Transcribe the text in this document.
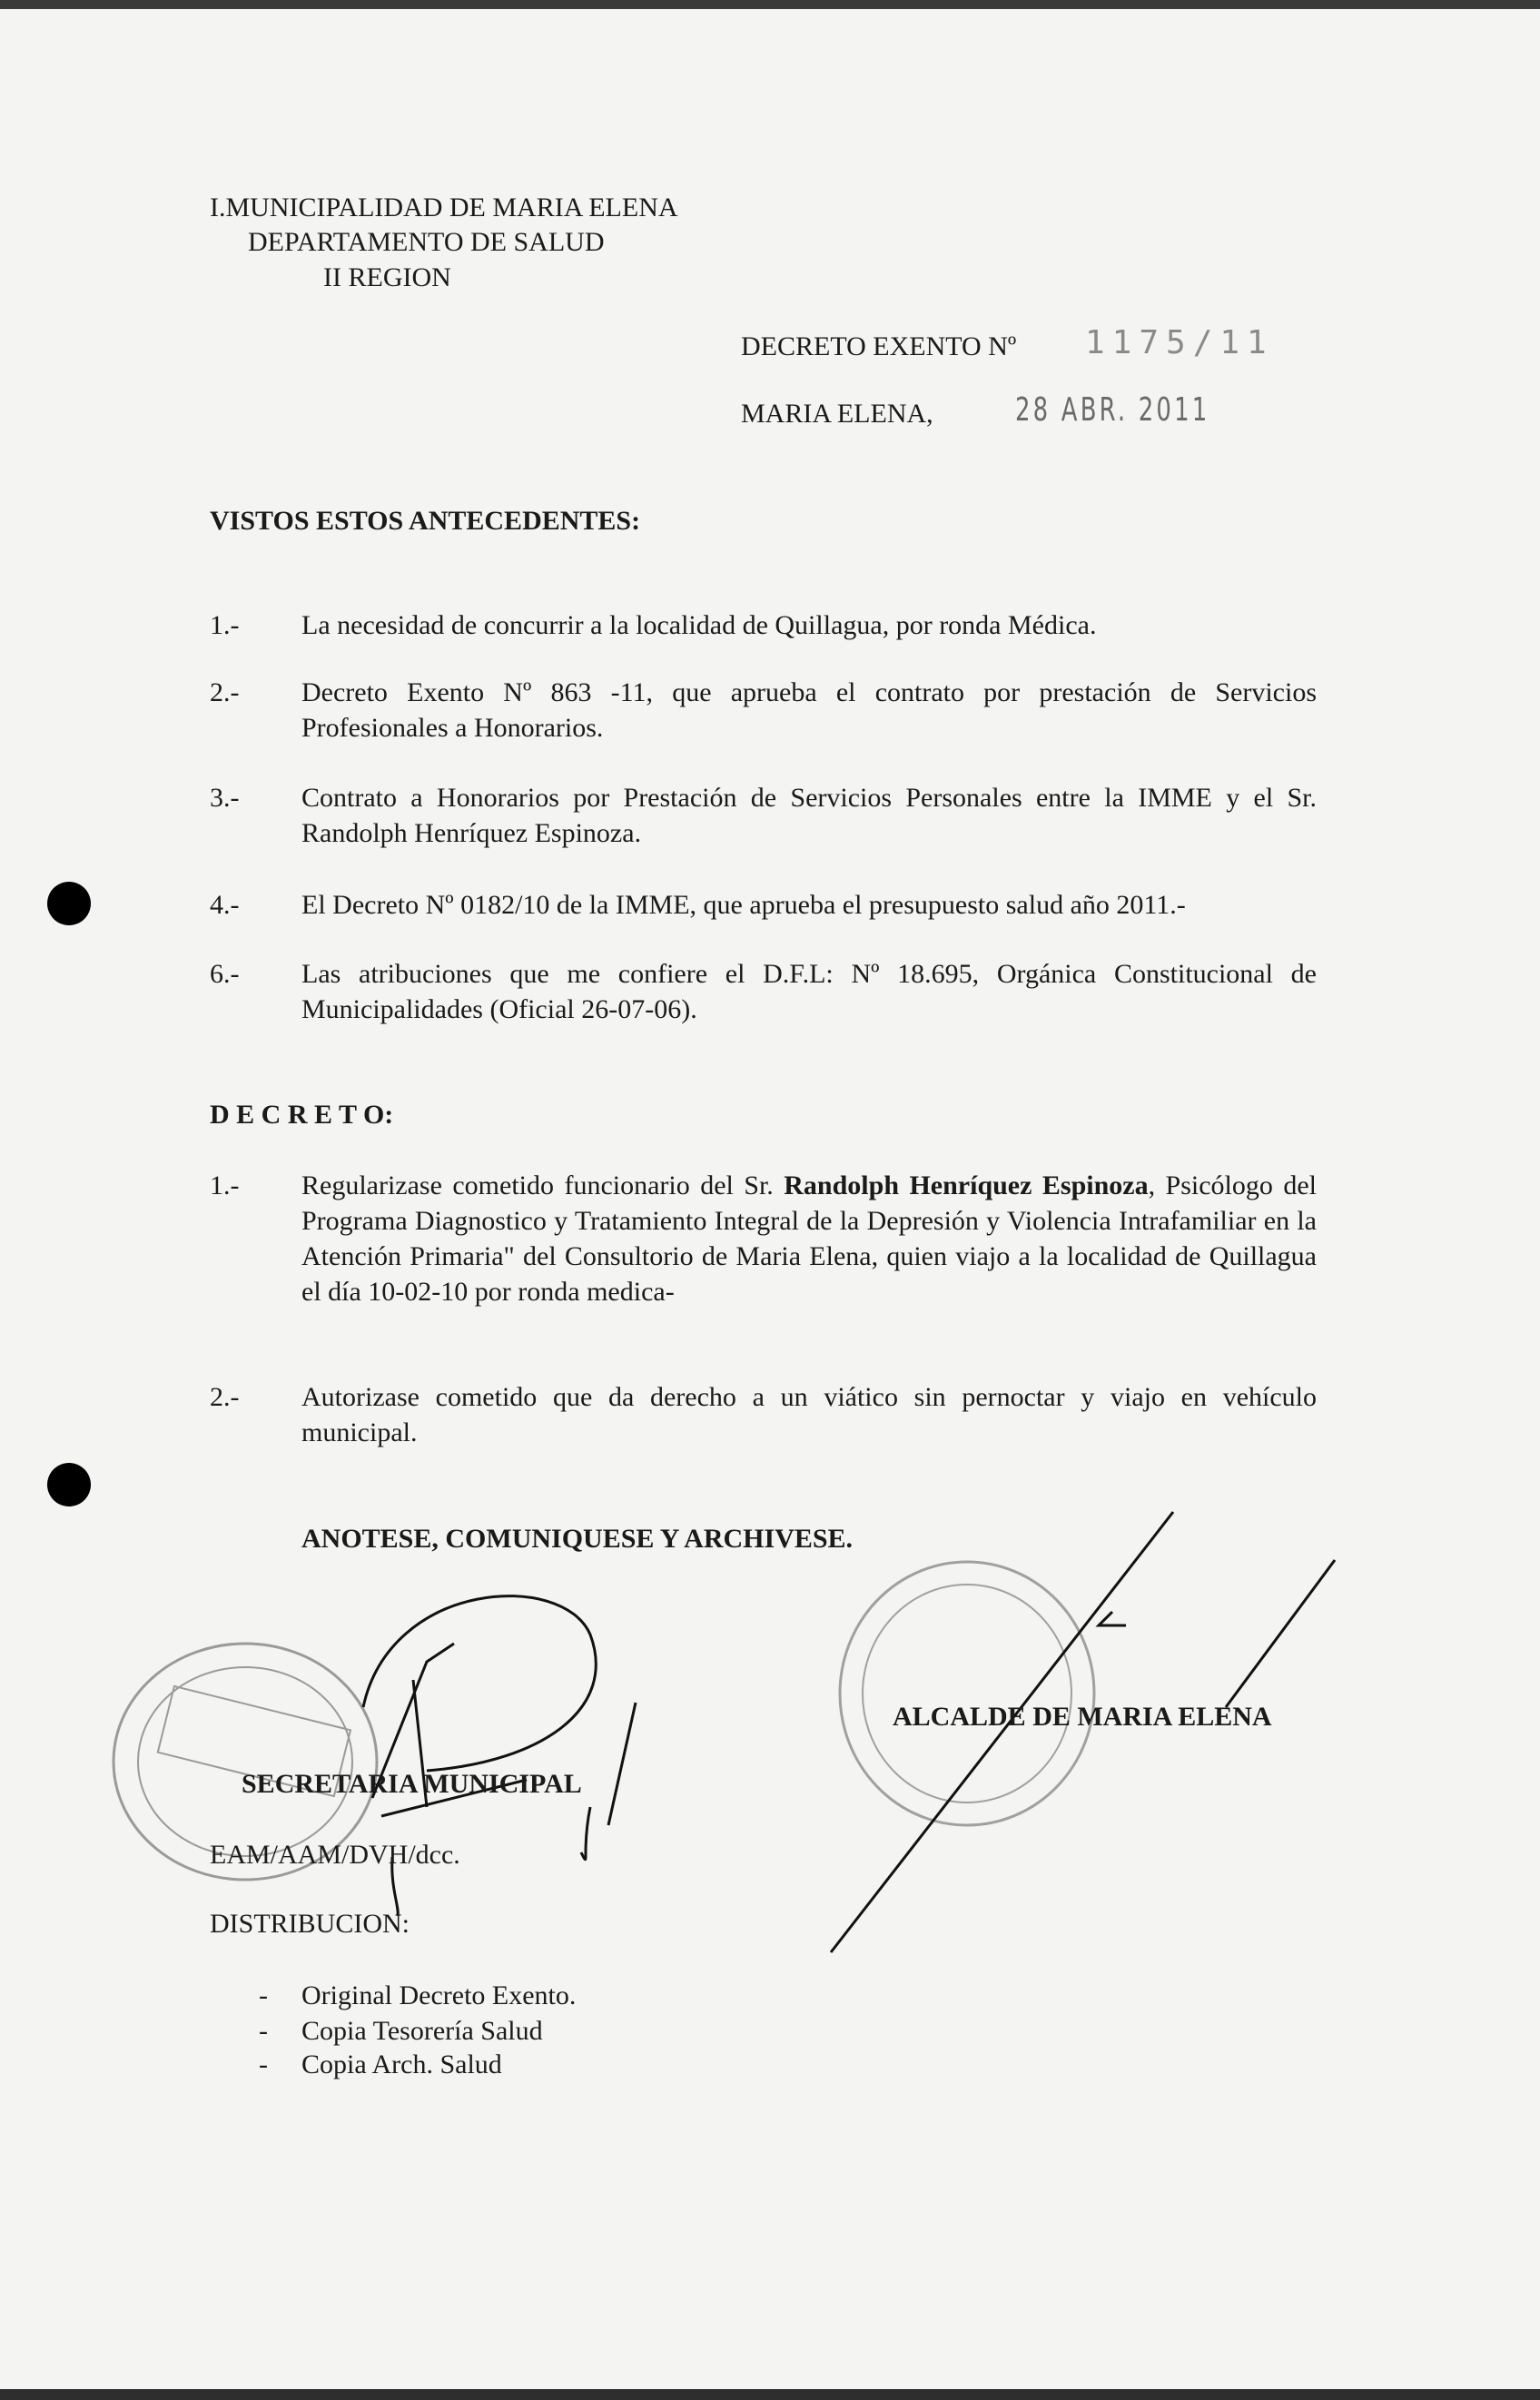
I.MUNICIPALIDAD DE MARIA ELENA
DEPARTAMENTO DE SALUD
II REGION
DECRETO EXENTO Nº 1175/11
MARIA ELENA,	28 ABR. 2011
VISTOS ESTOS ANTECEDENTES:
1.- La necesidad de concurrir a la localidad de Quillagua, por ronda Médica.
2.- Decreto Exento Nº 863 -11, que aprueba el contrato por prestación de Servicios Profesionales a Honorarios.
3.- Contrato a Honorarios por Prestación de Servicios Personales entre la IMME y el Sr. Randolph Henríquez Espinoza.
4.- El Decreto Nº 0182/10 de la IMME, que aprueba el presupuesto salud año 2011.-
6.- Las atribuciones que me confiere el D.F.L: Nº 18.695, Orgánica Constitucional de Municipalidades (Oficial 26-07-06).
D E C R E T O:
1.- Regularizase cometido funcionario del Sr. Randolph Henríquez Espinoza, Psicólogo del Programa Diagnostico y Tratamiento Integral de la Depresión y Violencia Intrafamiliar en la Atención Primaria" del Consultorio de Maria Elena, quien viajo a la localidad de Quillagua el día 10-02-10 por ronda medica-
2.- Autorizase cometido que da derecho a un viático sin pernoctar y viajo en vehículo municipal.
ANOTESE, COMUNIQUESE Y ARCHIVESE.
SECRETARIA MUNICIPAL
ALCALDE DE MARIA ELENA
EAM/AAM/DVH/dcc.
DISTRIBUCION:
- Original Decreto Exento.
- Copia Tesorería Salud
- Copia Arch. Salud
